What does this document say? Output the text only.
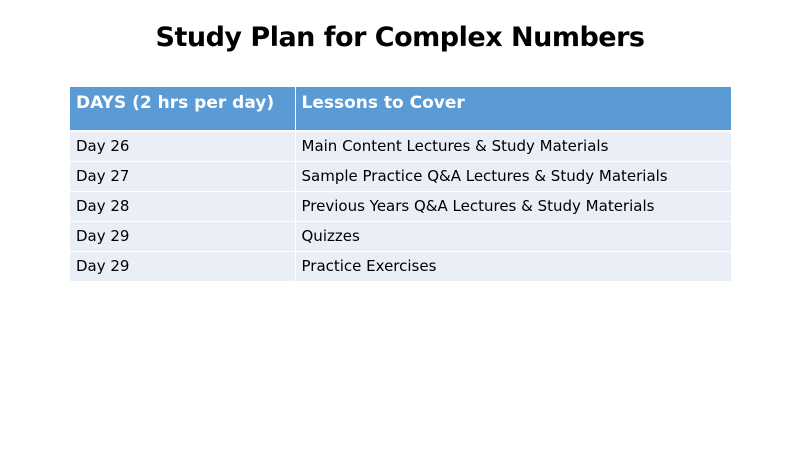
Study Plan for Complex Numbers
DAYS (2 hrs per day)	Lessons to Cover
Day 26	Main Content Lectures & Study Materials
Day 27	Sample Practice Q&A Lectures & Study Materials
Day 28	Previous Years Q&A Lectures & Study Materials
Day 29	Quizzes
Day 29	Practice Exercises
